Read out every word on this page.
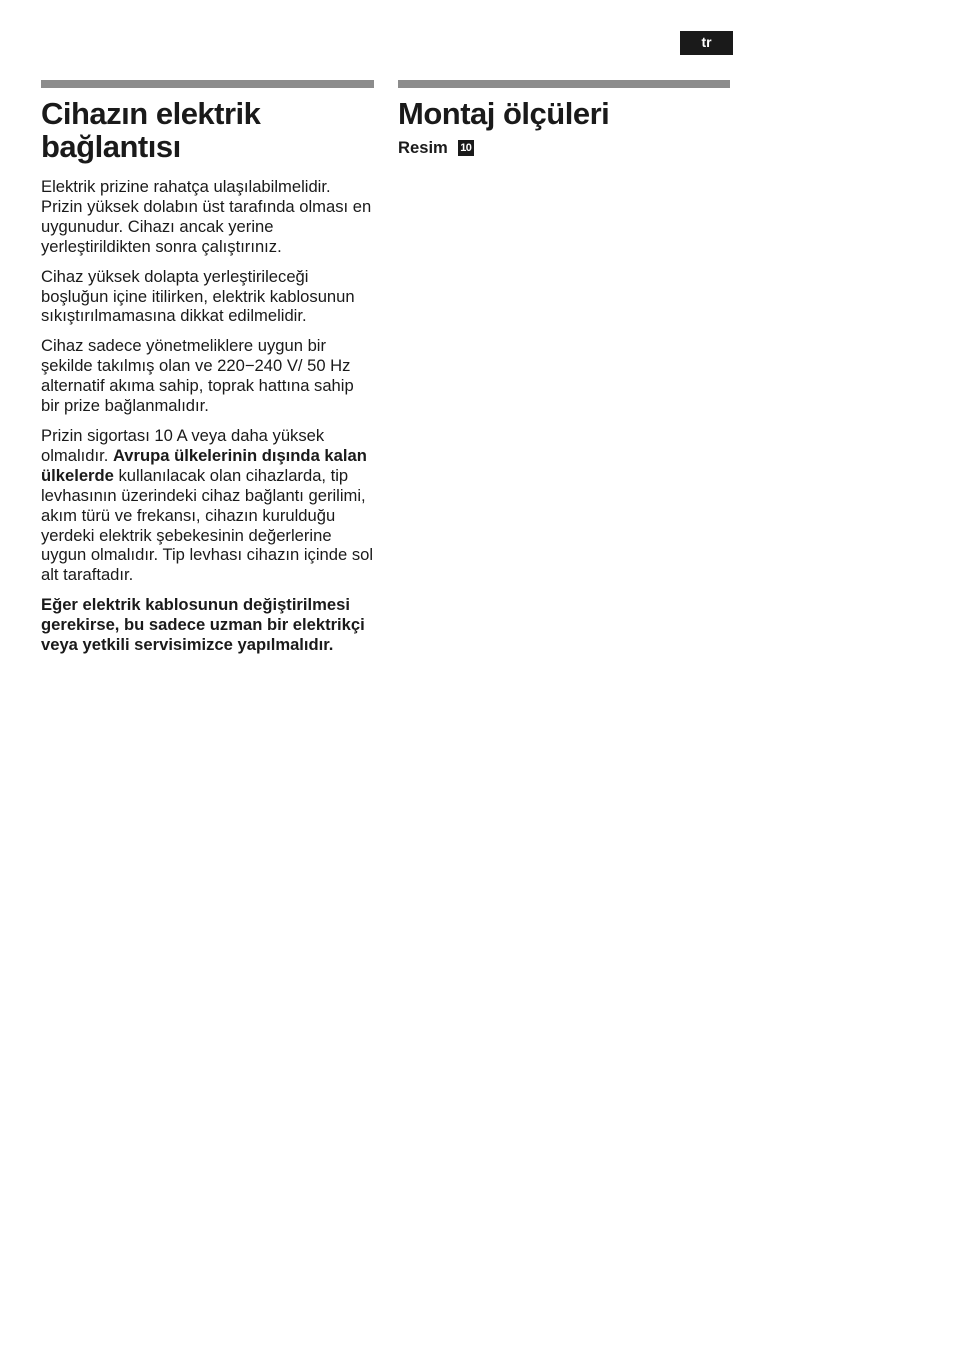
tr
Cihazın elektrik
bağlantısı

Elektrik prizine rahatça ulaşılabilmelidir. Prizin yüksek dolabın üst tarafında olması en uygunudur. Cihazı ancak yerine yerleştirildikten sonra çalıştırınız.

Cihaz yüksek dolapta yerleştirileceği boşluğun içine itilirken, elektrik kablosunun sıkıştırılmamasına dikkat edilmelidir.

Cihaz sadece yönetmeliklere uygun bir şekilde takılmış olan ve 220−240 V/ 50 Hz alternatif akıma sahip, toprak hattına sahip bir prize bağlanmalıdır.

Prizin sigortası 10 A veya daha yüksek olmalıdır. Avrupa ülkelerinin dışında kalan ülkelerde kullanılacak olan cihazlarda, tip levhasının üzerindeki cihaz bağlantı gerilimi, akım türü ve frekansı, cihazın kurulduğu yerdeki elektrik şebekesinin değerlerine uygun olmalıdır. Tip levhası cihazın içinde sol alt taraftadır.

Eğer elektrik kablosunun değiştirilmesi gerekirse, bu sadece uzman bir elektrikçi veya yetkili servisimizce yapılmalıdır.

Montaj ölçüleri
Resim 10
